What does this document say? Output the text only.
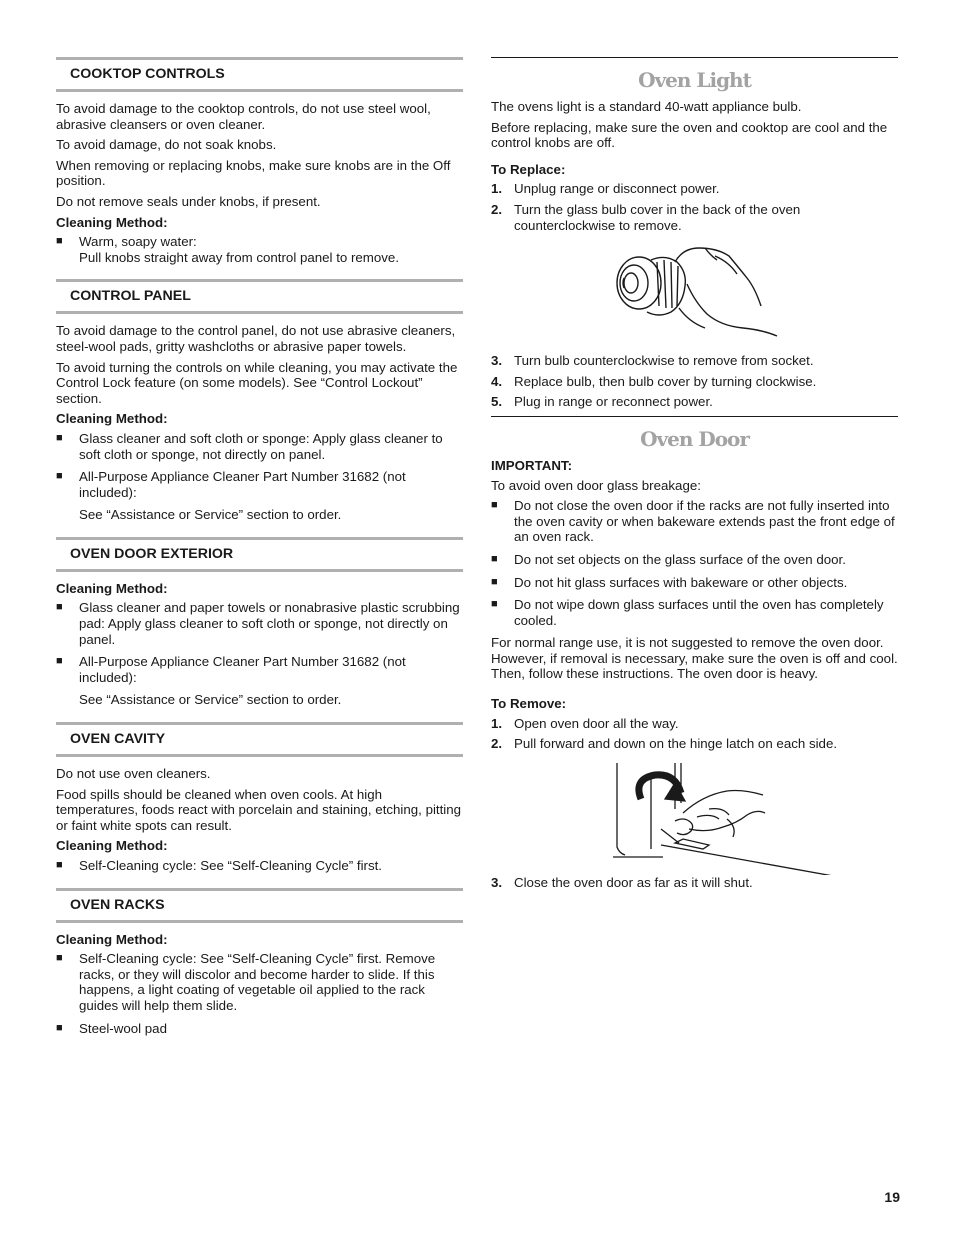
COOKTOP CONTROLS

To avoid damage to the cooktop controls, do not use steel wool, abrasive cleansers or oven cleaner.

To avoid damage, do not soak knobs.

When removing or replacing knobs, make sure knobs are in the Off position.

Do not remove seals under knobs, if present.

Cleaning Method:
■	Warm, soapy water:
Pull knobs straight away from control panel to remove.
CONTROL PANEL

To avoid damage to the control panel, do not use abrasive cleaners, steel-wool pads, gritty washcloths or abrasive paper towels.

To avoid turning the controls on while cleaning, you may activate the Control Lock feature (on some models). See “Control Lockout” section.

Cleaning Method:
■	Glass cleaner and soft cloth or sponge: Apply glass cleaner to soft cloth or sponge, not directly on panel.
■	All-Purpose Appliance Cleaner Part Number 31682 (not included):
See “Assistance or Service” section to order.
OVEN DOOR EXTERIOR
Cleaning Method:
■	Glass cleaner and paper towels or nonabrasive plastic scrubbing pad: Apply glass cleaner to soft cloth or sponge, not directly on panel.
■	All-Purpose Appliance Cleaner Part Number 31682 (not included):
See “Assistance or Service” section to order.
OVEN CAVITY

Do not use oven cleaners.

Food spills should be cleaned when oven cools. At high temperatures, foods react with porcelain and staining, etching, pitting or faint white spots can result.

Cleaning Method:
■	Self-Cleaning cycle: See “Self-Cleaning Cycle” first.
OVEN RACKS
Cleaning Method:
■	Self-Cleaning cycle: See “Self-Cleaning Cycle” first. Remove racks, or they will discolor and become harder to slide. If this happens, a light coating of vegetable oil applied to the rack guides will help them slide.
■	Steel-wool pad
Oven Light

The ovens light is a standard 40-watt appliance bulb.

Before replacing, make sure the oven and cooktop are cool and the control knobs are off.

To Replace:
1. Unplug range or disconnect power.
2. Turn the glass bulb cover in the back of the oven counterclockwise to remove.
3. Turn bulb counterclockwise to remove from socket.
4. Replace bulb, then bulb cover by turning clockwise.
5. Plug in range or reconnect power.
Oven Door
IMPORTANT:

To avoid oven door glass breakage:

■	Do not close the oven door if the racks are not fully inserted into the oven cavity or when bakeware extends past the front edge of an oven rack.
■	Do not set objects on the glass surface of the oven door.
■	Do not hit glass surfaces with bakeware or other objects.
■	Do not wipe down glass surfaces until the oven has completely cooled.

For normal range use, it is not suggested to remove the oven door. However, if removal is necessary, make sure the oven is off and cool. Then, follow these instructions. The oven door is heavy.

To Remove:
1. Open oven door all the way.
2. Pull forward and down on the hinge latch on each side.
3. Close the oven door as far as it will shut.
19
